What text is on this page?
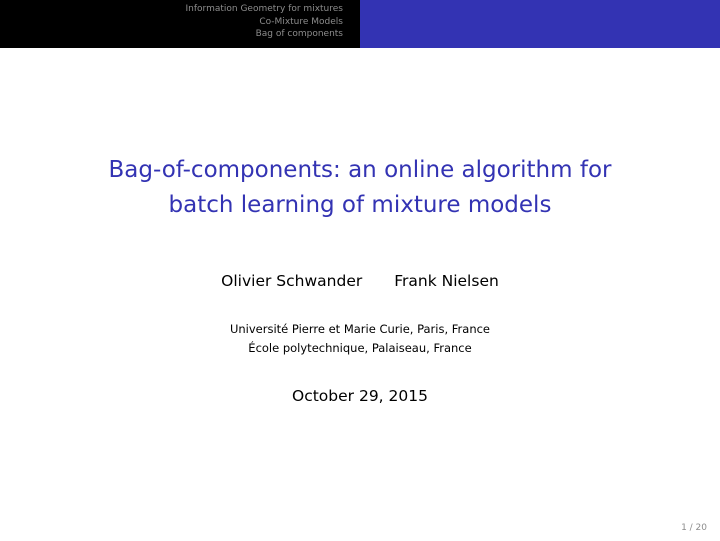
Information Geometry for mixtures
Co-Mixture Models
Bag of components
Bag-of-components: an online algorithm for
batch learning of mixture models
Olivier Schwander Frank Nielsen
Université Pierre et Marie Curie, Paris, France
École polytechnique, Palaiseau, France
October 29, 2015
1 / 20
